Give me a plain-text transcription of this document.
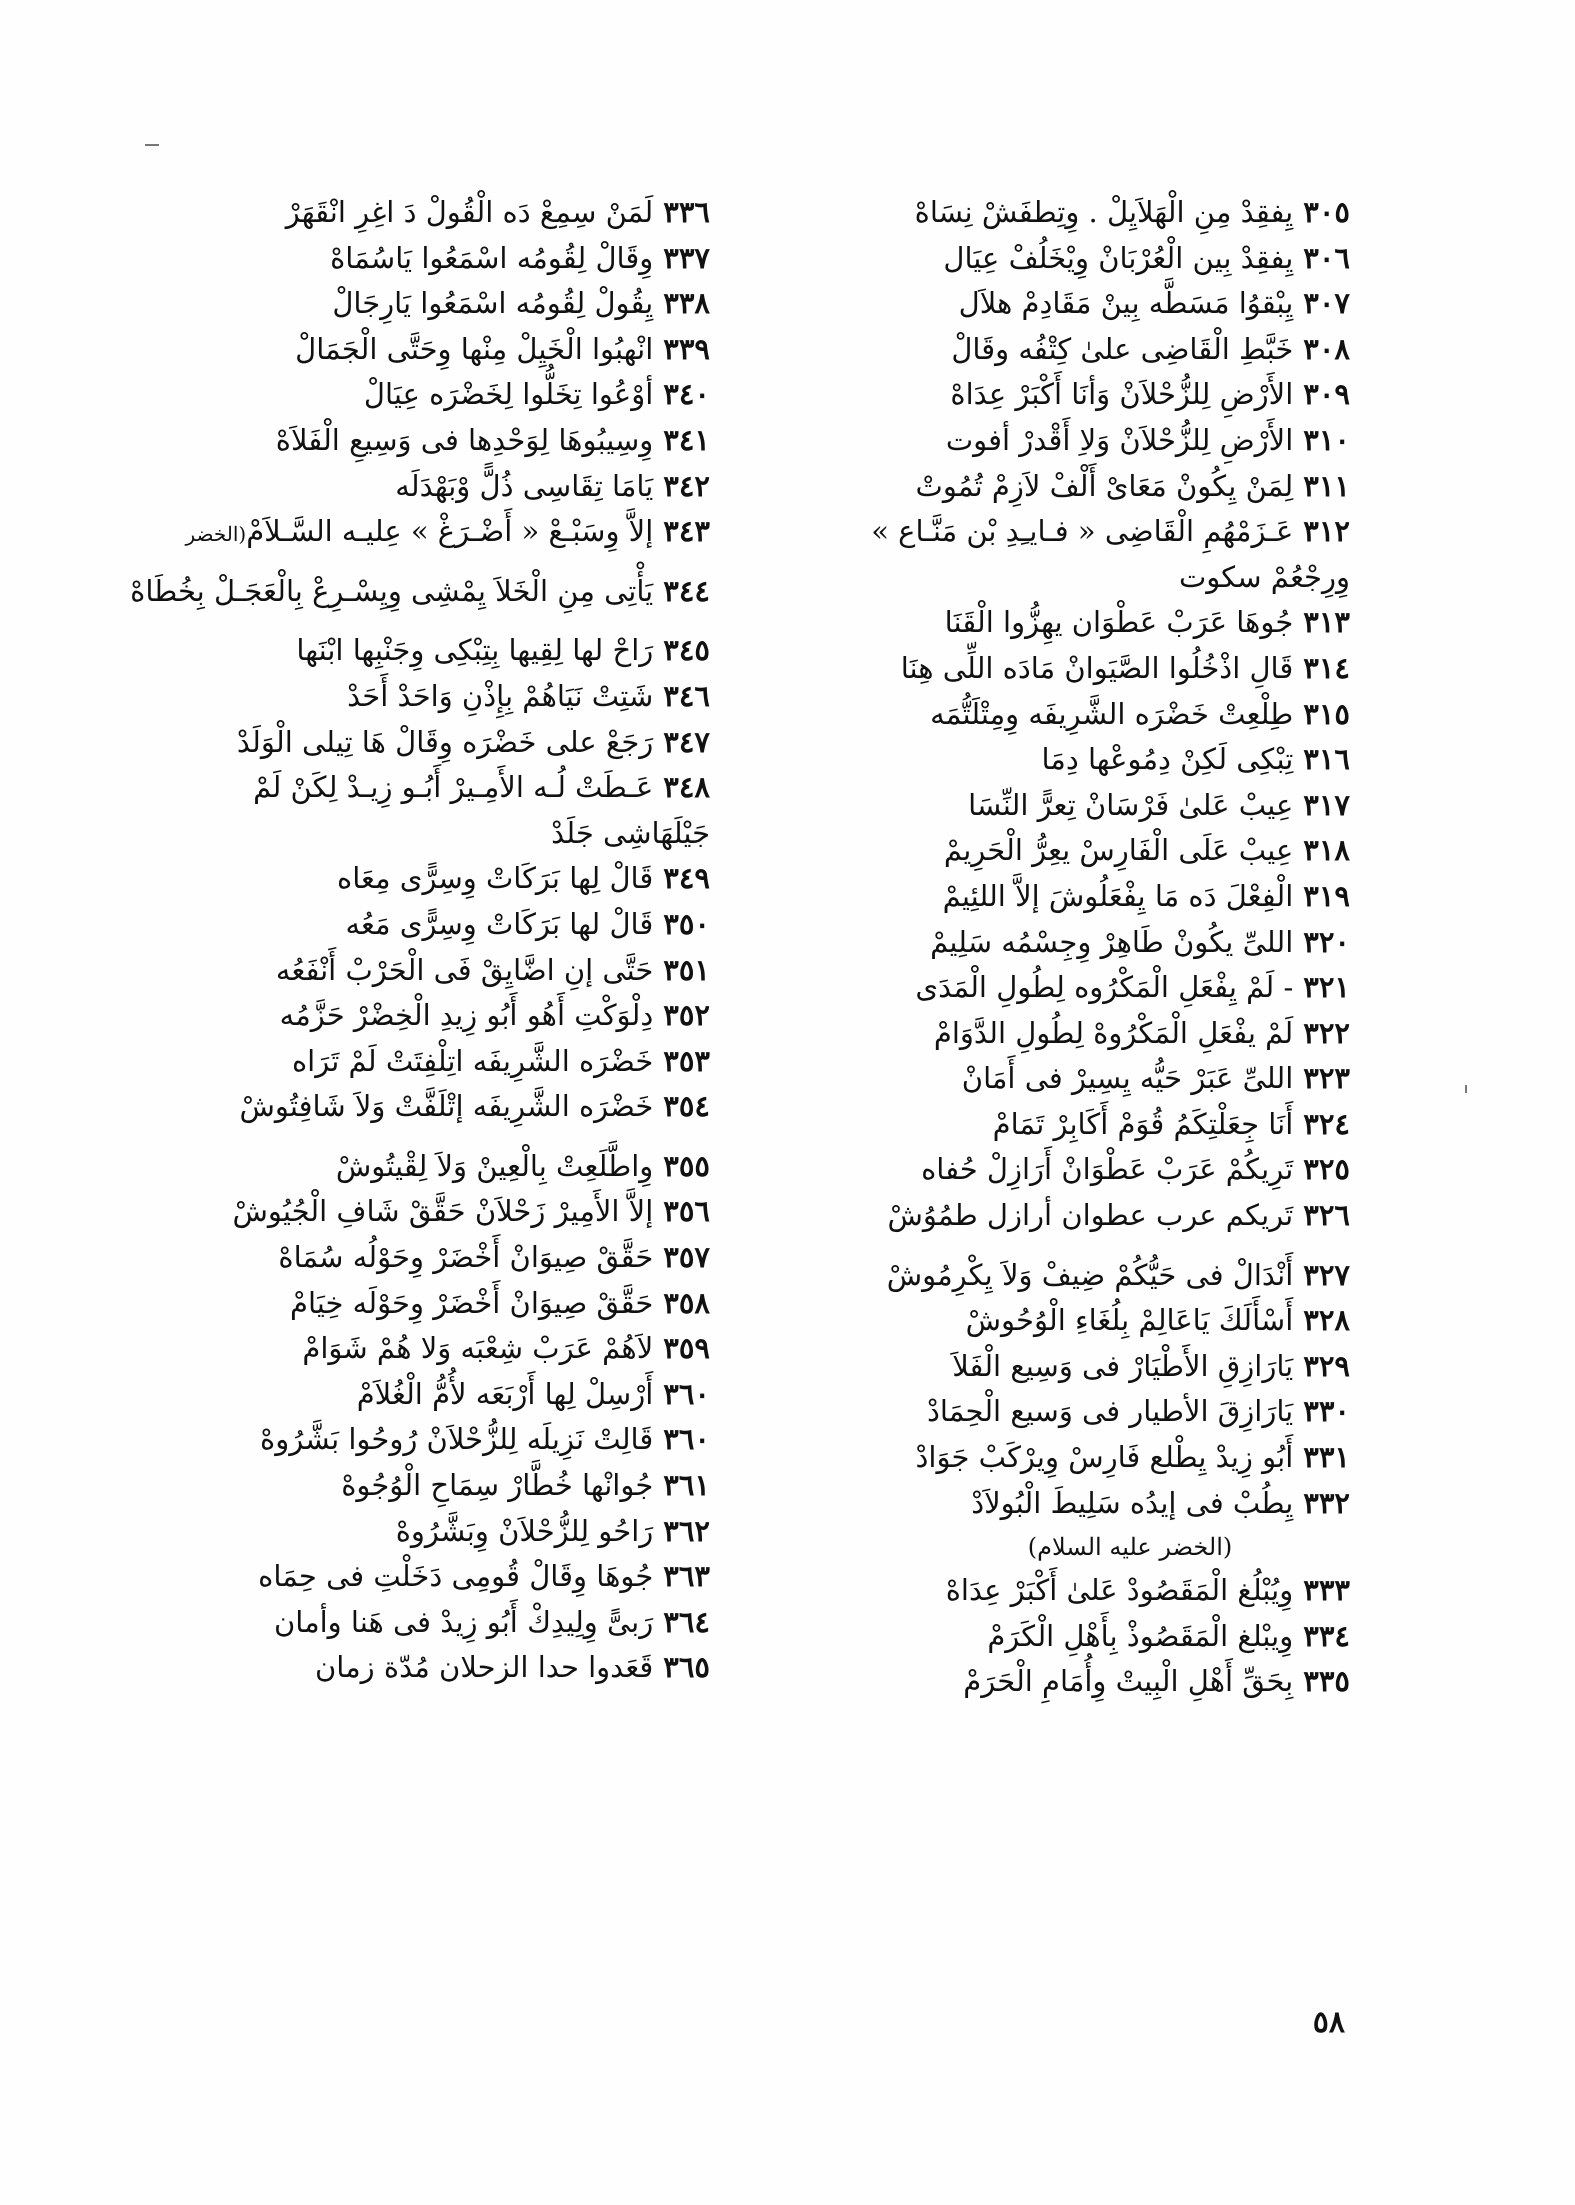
٣٠٥يِفقِدْ مِنِ الْهَلاَيِلْ . وِتِطفَشْ نِسَاهْ
٣٠٦يِفقِدْ بِين الْعُرْبَانْ وِيْخَلُفْ عِيَال
٣٠٧يِبْقوُا مَسَطَّه بِينْ مَقَادِمْ هلاَل
٣٠٨خَبَّطِ الْقَاضِى علىٰ كِتْفُه وقَالْ
٣٠٩الأَرْضِ لِلزُّحْلاَنْ وَأنَا أَكْبَرْ عِدَاهْ
٣١٠الأَرْضِ لِلزُّحْلاَنْ وَلاِ أَقْدرْ أفوت
٣١١لِمَنْ يِكُونْ مَعَاىْ أَلْفْ لاَزِمْ تُمُوتْ
٣١٢عَـزَمْهُمِ الْقَاضِى « فـايـِدِ بْن مَنَّـاع »
وِرِجْعُمْ سكوت
٣١٣جُوهَا عَرَبْ عَطْوَان يهِزُّوا الْقَنَا
٣١٤قَالِ اذْخُلُوا الصَّيَوانْ مَادَه اللِّى هِنَا
٣١٥طِلْعِتْ خَضْرَه الشَّرِيفَه وِمِتْلَتُّمَه
٣١٦تِبْكِى لَكِنْ دِمُوعْها دِمَا
٣١٧عِيبْ عَلىٰ فَرْسَانْ تِعرًّ النِّسَا
٣١٨عِيبْ عَلَى الْفَارِسْ يعِرُّ الْحَرِيمْ
٣١٩الْفِعْلَ دَه مَا يِفْعَلُوشَ إلاَّ اللئِيمْ
٣٢٠اللىِّ يكُونْ طَاهِرْ وِجِسْمُه سَلِيمْ
٣٢١- لَمْ يِفْعَلِ الْمَكْرُوه لِطُولِ الْمَدَى
٣٢٢لَمْ يفْعَلِ الْمَكْرُوهْ لِطُولِ الدَّوَامْ
٣٢٣اللىِّ عَبَرْ حَيُّه يِسِيرْ فى أَمَانْ
٣٢٤أَنَا جِعَلْتِكَمُ قُوَمْ أَكَابِرْ تَمَامْ
٣٢٥تَرِيكُمْ عَرَبْ عَطْوَانْ أَرَازِلْ حُفاه
٣٢٦تَريكم عرب عطوان أرازل طمُوُشْ
٣٢٧أَنْدَالْ فى حَيُّكُمْ ضِيفْ وَلاَ يِكْرِمُوشْ
٣٢٨أَسْأَلَكَ يَاعَالِمْ بِلُغَاءِ الْوُحُوشْ
٣٢٩يَارَازِقِ الأَطْيَارْ فى وَسِيع الْفَلاَ
٣٣٠يَارَازِقَ الأطيار فى وَسيع الْحِمَادْ
٣٣١أَبُو زِيدْ يِطْلع فَارِسْ وِيرْكَبْ جَوَادْ
٣٣٢يِطُبْ فى إيدُه سَلِيطَ الْبُولاَدْ
(الخضر عليه السلام)
٣٣٣وِيُبْلُغ الْمَقَصُودْ عَلىٰ أَكْبَرْ عِدَاهْ
٣٣٤وِيبْلغ الْمَقَصُوذْ بِأَهْلِ الْكَرَمْ
٣٣٥بِحَقِّ أَهْلِ الْبِيتْ وِأُمَامِ الْحَرَمْ
٣٣٦لَمَنْ سِمِعْ دَه الْقُولْ دَ اغِرِ انْقَهَرْ
٣٣٧وِقَالْ لِقُومُه اسْمَعُوا يَاسُمَاهْ
٣٣٨يِقُولْ لِقُومُه اسْمَعُوا يَارِجَالْ
٣٣٩انْهبُوا الْخَيِلْ مِنْها وِحَتَّى الْجَمَالْ
٣٤٠أوْعُوا تِخَلُّوا لِخَضْرَه عِيَالْ
٣٤١وِسِيبُوهَا لِوَحْدِها فى وَسِيعِ الْفَلاَهْ
٣٤٢يَامَا تِقَاسِى ذُلًّ وْبَهْدَلَه
٣٤٣إلاَّ وِسَبْـعْ « أَضْـرَغْ » عِليـه السَّـلاَمْ(الخضر
٣٤٤يَأْتِى مِنِ الْخَلاَ يِمْشِى وِيِسْـرِعْ بِالْعَجَـلْ بِخُطَاهْ
٣٤٥رَاحْ لها لِقِيها بِتِبْكِى وِجَنْبِها ابْنَها
٣٤٦شَتِتْ نَيَاهُمْ بِإِذْنِ وَاحَدْ أَحَدْ
٣٤٧رَجَعْ على خَضْرَه وِقَالْ هَا تِيلى الْوَلَدْ
٣٤٨عَـطَتْ لُـه الأَمِـيرْ أَبُـو زِيـدْ لِكَنْ لَمْ
جَيْلَهَاشِى جَلَدْ
٣٤٩قَالْ لِها بَرَكَاتْ وِسِرًّى مِعَاه
٣٥٠قَالْ لها بَرَكَاتْ وِسِرًّى مَعُه
٣٥١حَتَّى إنِ اضَّايِقْ فَى الْحَرْبْ أَنْفَعُه
٣٥٢دِلْوَكْتِ أَهُو أَبُو زِيدِ الْخِضْرْ حَزَّمُه
٣٥٣خَضْرَه الشَّرِيفَه اتِلْفِتَتْ لَمْ تَرَاه
٣٥٤خَضْرَه الشَّرِيفَه إتْلَفَّتْ وَلاَ شَافِتُوشْ
٣٥٥وِاطَّلَعِتْ بِالْعِينْ وَلاَ لِقْيتُوشْ
٣٥٦إلاَّ الأَمِيرْ زَحْلاَنْ حَقَّقْ شَافِ الْجُيُوشْ
٣٥٧حَقَّقْ صِيوَانْ أَخْضَرْ وِحَوْلُه سُمَاهْ
٣٥٨حَقَّقْ صِيوَانْ أَخْضَرْ وِحَوْلَه خِيَامْ
٣٥٩لاَهُمْ عَرَبْ شِعْبَه وَلا هُمْ شَوَامْ
٣٦٠أَرْسِلْ لِها أَرْبَعَه لأُمُّ الْغُلاَمْ
٣٦٠قَالِتْ نَزِيلَه لِلزُّحْلاَنْ رُوحُوا بَشَّرُوهْ
٣٦١جُوانْها خُطَّارْ سِمَاحِ الْوُجُوهْ
٣٦٢رَاحُو لِلزُّحْلاَنْ وِبَشَّرُوهْ
٣٦٣جُوهَا وِقَالْ قُومِى دَخَلْتِ فى حِمَاه
٣٦٤رَبىًّ وِلِيدِكْ أَبُو زِيدْ فى هَنا وأمان
٣٦٥قَعَدوا حدا الزحلان مُدّة زمان
٥٨
